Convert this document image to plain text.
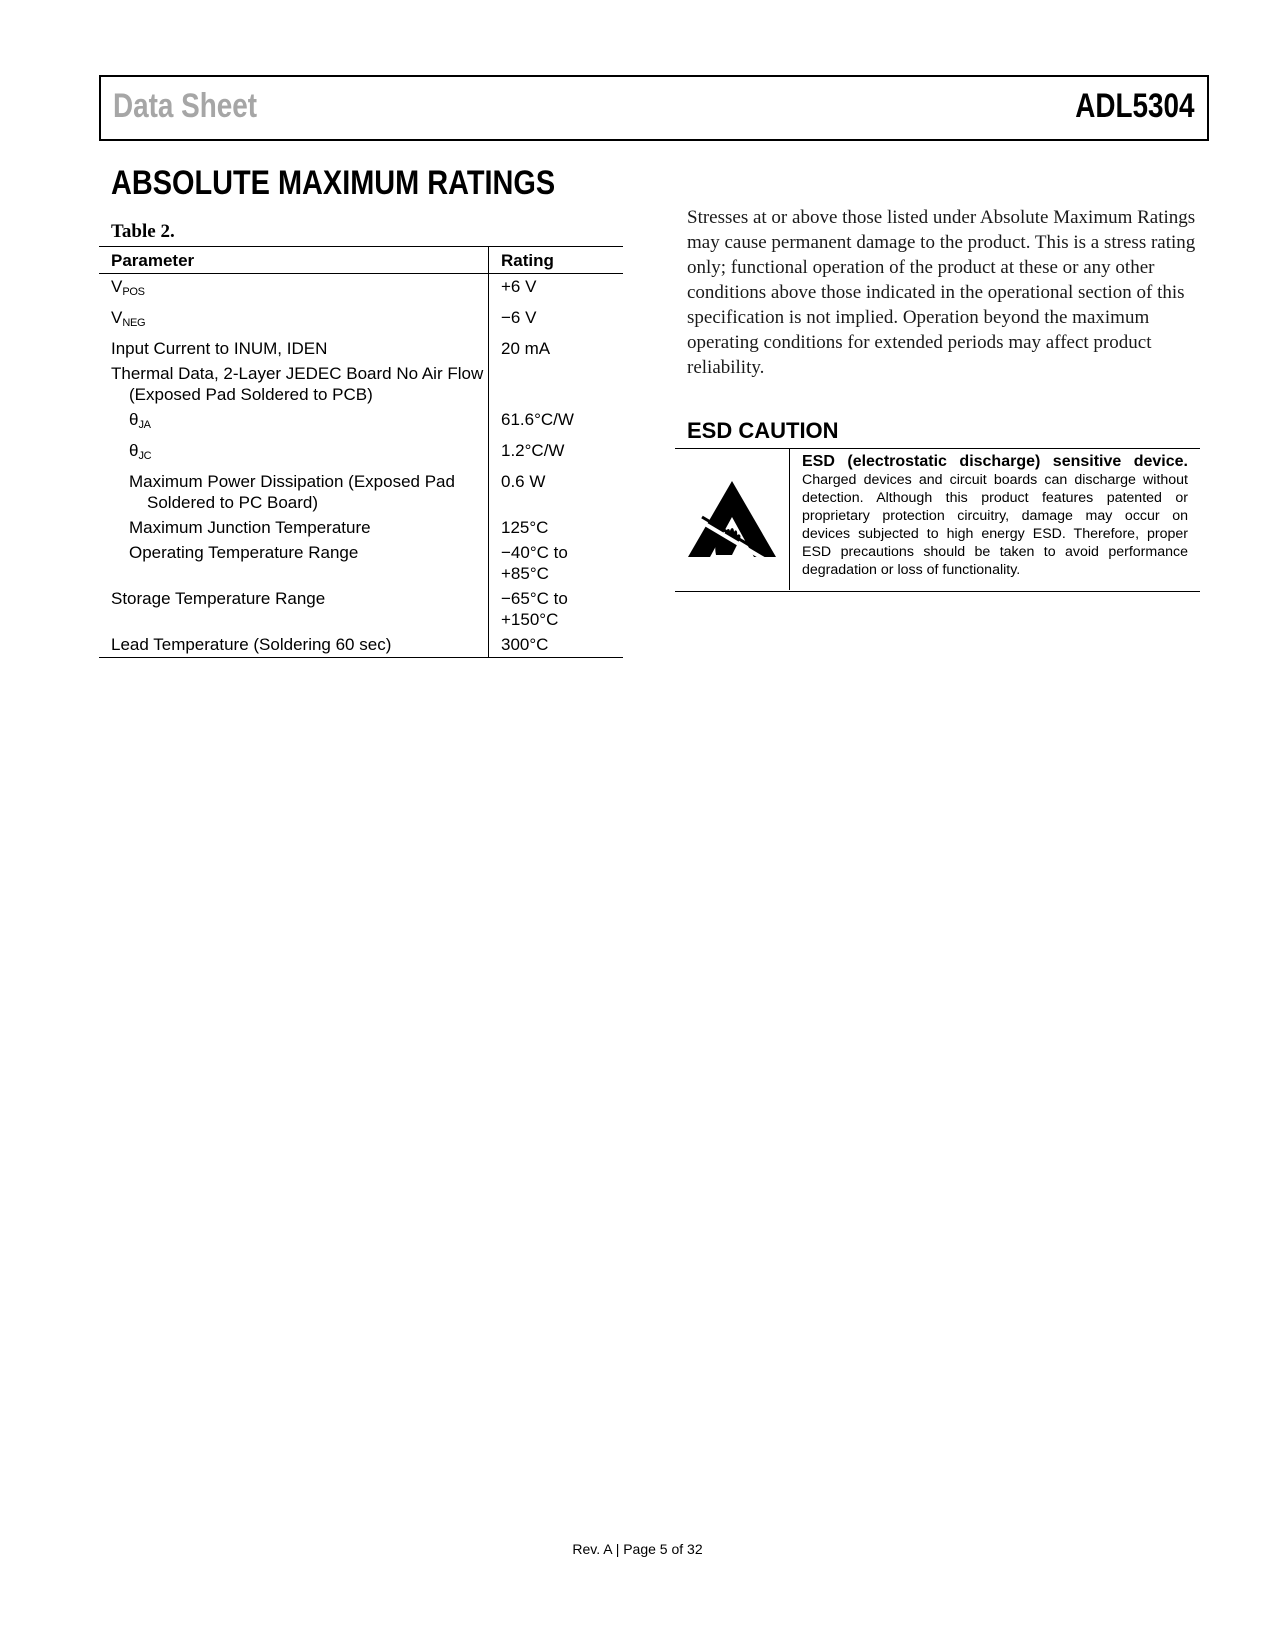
Data Sheet	ADL5304
ABSOLUTE MAXIMUM RATINGS
Table 2.
Parameter	Rating
$V_{POS}$	+6 V
$V_{NEG}$	−6 V
Input Current to INUM, IDEN	20 mA

Thermal Data, 2-Layer JEDEC Board No Air Flow (Exposed Pad Soldered to PCB)	

$\theta_{JA}$	61.6°C/W
$\theta_{JC}$	1.2°C/W

Maximum Power Dissipation (Exposed Pad Soldered to PC Board)	0.6 W
Maximum Junction Temperature	125°C
Operating Temperature Range	−40°C to +85°C
Storage Temperature Range	−65°C to +150°C
Lead Temperature (Soldering 60 sec)	300°C
Stresses at or above those listed under Absolute Maximum Ratings may cause permanent damage to the product. This is a stress rating only; functional operation of the product at these or any other conditions above those indicated in the operational section of this specification is not implied. Operation beyond the maximum operating conditions for extended periods may affect product reliability.
ESD CAUTION
ESD (electrostatic discharge) sensitive device. Charged devices and circuit boards can discharge without detection. Although this product features patented or proprietary protection circuitry, damage may occur on devices subjected to high energy ESD. Therefore, proper ESD precautions should be taken to avoid performance degradation or loss of functionality.
Rev. A | Page 5 of 32
